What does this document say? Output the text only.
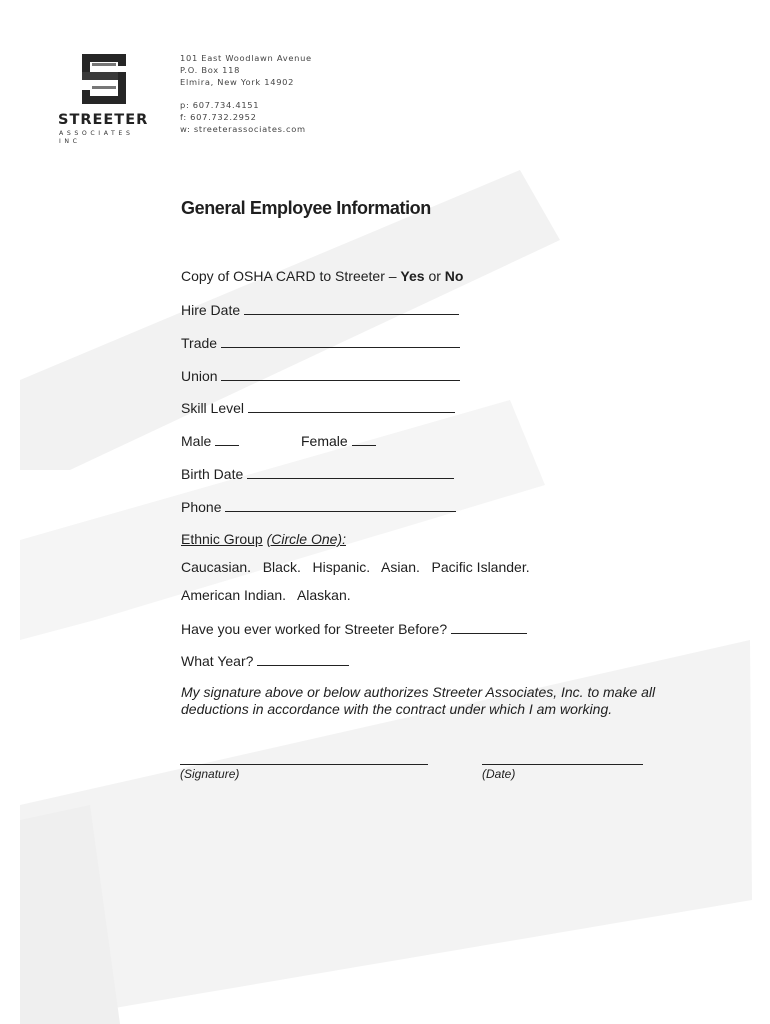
STREETER
ASSOCIATES INC
101 East Woodlawn Avenue
P.O. Box 118
Elmira, New York 14902
p: 607.734.4151
f: 607.732.2952
w: streeterassociates.com
General Employee Information
Copy of OSHA CARD to Streeter – Yes or No
Hire Date
Trade
Union
Skill Level
Male	Female
Birth Date
Phone
Ethnic Group (Circle One):
Caucasian.   Black.   Hispanic.   Asian.   Pacific Islander.
American Indian.   Alaskan.
Have you ever worked for Streeter Before?
What Year?
My signature above or below authorizes Streeter Associates, Inc. to make all deductions in accordance with the contract under which I am working.
(Signature)	(Date)
